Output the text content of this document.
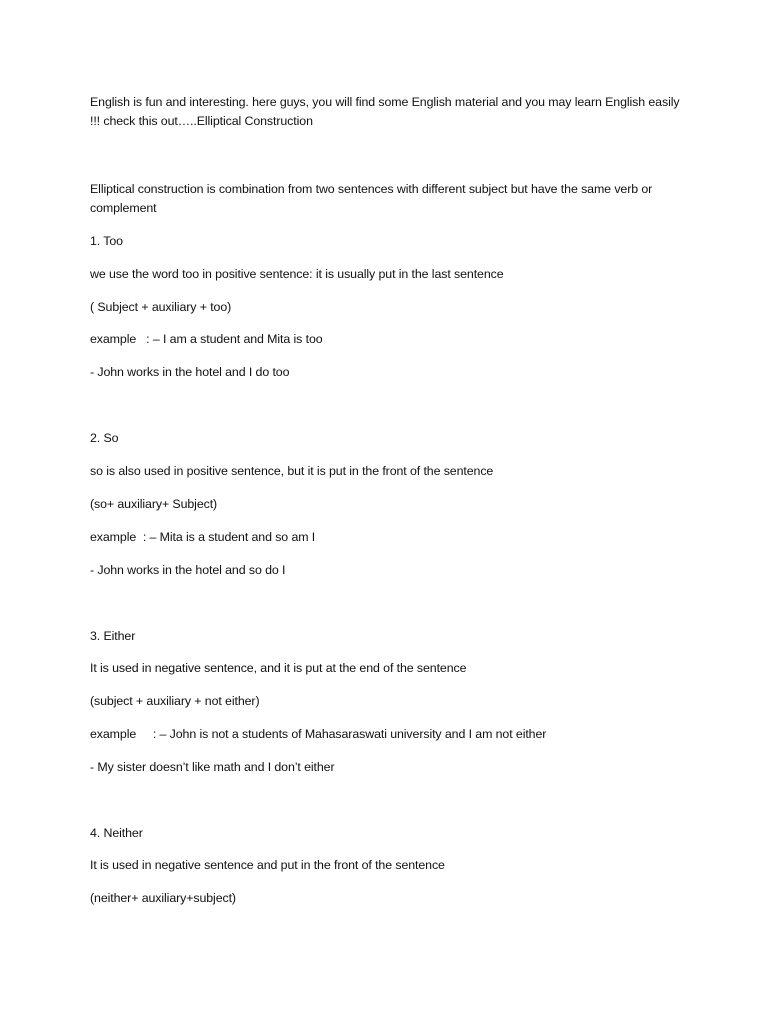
English is fun and interesting. here guys, you will find some English material and you may learn English easily !!! check this out…..Elliptical Construction
Elliptical construction is combination from two sentences with different subject but have the same verb or complement
1. Too
we use the word too in positive sentence: it is usually put in the last sentence
( Subject + auxiliary + too)
example   : – I am a student and Mita is too
- John works in the hotel and I do too
2. So
so is also used in positive sentence, but it is put in the front of the sentence
(so+ auxiliary+ Subject)
example  : – Mita is a student and so am I
- John works in the hotel and so do I
3. Either
It is used in negative sentence, and it is put at the end of the sentence
(subject + auxiliary + not either)
example     : – John is not a students of Mahasaraswati university and I am not either
- My sister doesn’t like math and I don’t either
4. Neither
It is used in negative sentence and put in the front of the sentence
(neither+ auxiliary+subject)
